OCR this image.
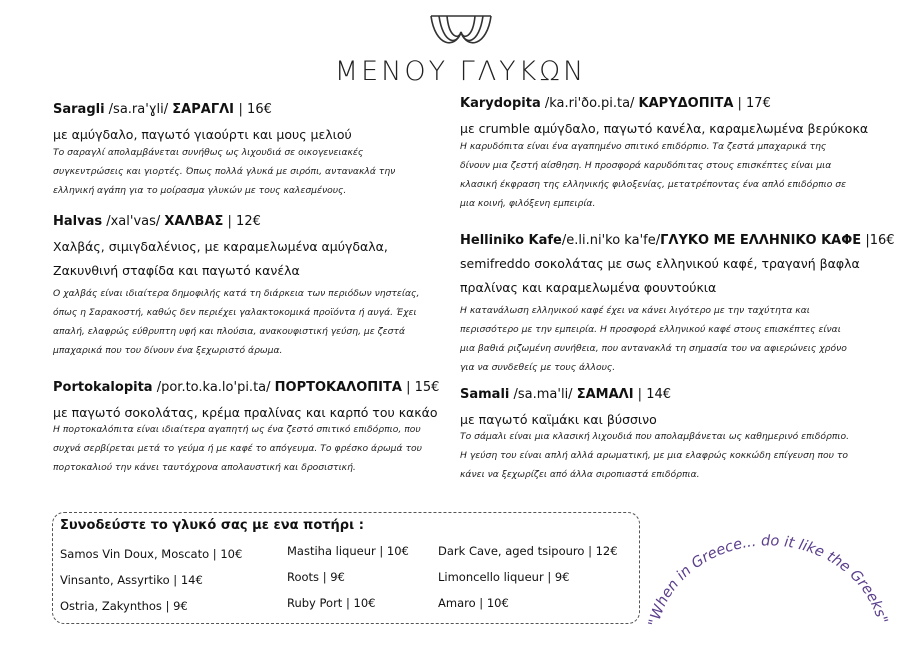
ΜΕΝΟΥ ΓΛΥΚΩΝ
Saragli /sa.ra'ɣli/ ΣΑΡΑΓΛΙ | 16€
με αμύγδαλο, παγωτό γιαούρτι και μους μελιού
Το σαραγλί απολαμβάνεται συνήθως ως λιχουδιά σε οικογενειακές
συγκεντρώσεις και γιορτές. Όπως πολλά γλυκά με σιρόπι, αντανακλά την
ελληνική αγάπη για το μοίρασμα γλυκών με τους καλεσμένους.
Halvas /xal'vas/ ΧΑΛΒΑΣ | 12€
Χαλβάς, σιμιγδαλένιος, με καραμελωμένα αμύγδαλα,
Ζακυνθινή σταφίδα και παγωτό κανέλα
Ο χαλβάς είναι ιδιαίτερα δημοφιλής κατά τη διάρκεια των περιόδων νηστείας,
όπως η Σαρακοστή, καθώς δεν περιέχει γαλακτοκομικά προϊόντα ή αυγά. Έχει
απαλή, ελαφρώς εύθρυπτη υφή και πλούσια, ανακουφιστική γεύση, με ζεστά
μπαχαρικά που του δίνουν ένα ξεχωριστό άρωμα.
Portokalopita /por.to.ka.lo'pi.ta/ ΠΟΡΤΟΚΑΛΟΠΙΤΑ | 15€
με παγωτό σοκολάτας, κρέμα πραλίνας και καρπό του κακάο
Η πορτοκαλόπιτα είναι ιδιαίτερα αγαπητή ως ένα ζεστό σπιτικό επιδόρπιο, που
συχνά σερβίρεται μετά το γεύμα ή με καφέ το απόγευμα. Το φρέσκο άρωμά του
πορτοκαλιού την κάνει ταυτόχρονα απολαυστική και δροσιστική.
Karydopita /ka.ri'ðo.pi.ta/ ΚΑΡΥΔΟΠΙΤΑ | 17€
με crumble αμύγδαλο, παγωτό κανέλα, καραμελωμένα βερύκοκα
Η καρυδόπιτα είναι ένα αγαπημένο σπιτικό επιδόρπιο. Τα ζεστά μπαχαρικά της
δίνουν μια ζεστή αίσθηση. Η προσφορά καρυδόπιτας στους επισκέπτες είναι μια
κλασική έκφραση της ελληνικής φιλοξενίας, μετατρέποντας ένα απλό επιδόρπιο σε
μια κοινή, φιλόξενη εμπειρία.
Helliniko Kafe/e.li.ni'ko ka'fe/ΓΛΥΚΟ ΜΕ ΕΛΛΗΝΙΚΟ ΚΑΦΕ |16€
semifreddo σοκολάτας με σως ελληνικού καφέ, τραγανή βαφλα
πραλίνας και καραμελωμένα φουντούκια
Η κατανάλωση ελληνικού καφέ έχει να κάνει λιγότερο με την ταχύτητα και
περισσότερο με την εμπειρία. Η προσφορά ελληνικού καφέ στους επισκέπτες είναι
μια βαθιά ριζωμένη συνήθεια, που αντανακλά τη σημασία του να αφιερώνεις χρόνο
για να συνδεθείς με τους άλλους.
Samali /sa.ma'li/ ΣΑΜΑΛΙ | 14€
με παγωτό καϊμάκι και βύσσινο
Το σάμαλι είναι μια κλασική λιχουδιά που απολαμβάνεται ως καθημερινό επιδόρπιο.
Η γεύση του είναι απλή αλλά αρωματική, με μια ελαφρώς κοκκώδη επίγευση που το
κάνει να ξεχωρίζει από άλλα σιροπιαστά επιδόρπια.
Συνοδεύστε το γλυκό σας με ενα ποτήρι :
Samos Vin Doux, Moscato | 10€
Vinsanto, Assyrtiko | 14€
Ostria, Zakynthos | 9€
Mastiha liqueur | 10€
Roots | 9€
Ruby Port | 10€
Dark Cave, aged tsipouro | 12€
Limoncello liqueur | 9€
Amaro | 10€
"When in Greece... do it like the Greeks"
